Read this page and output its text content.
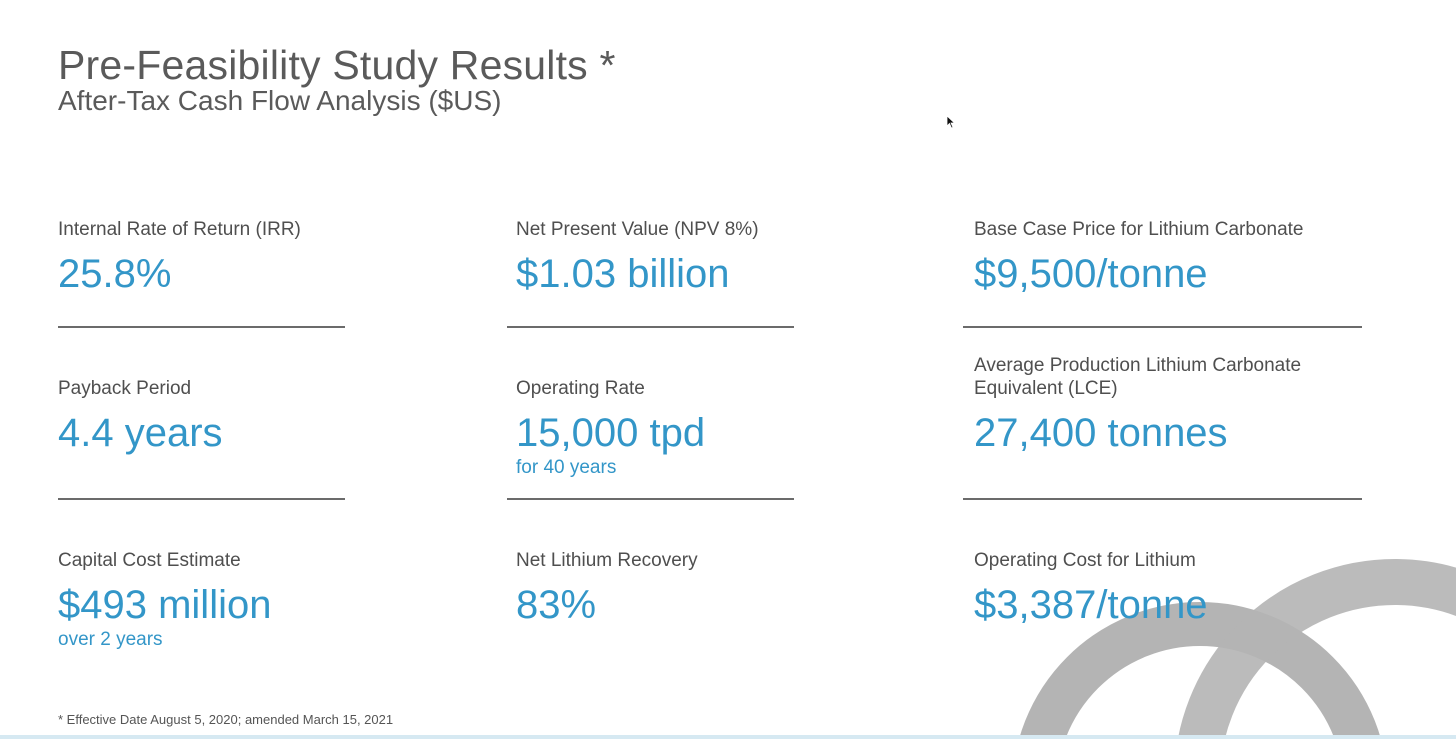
Pre-Feasibility Study Results *
After-Tax Cash Flow Analysis ($US)
Internal Rate of Return (IRR)
25.8%
Net Present Value (NPV 8%)
$1.03 billion
Base Case Price for Lithium Carbonate
$9,500/tonne
Payback Period
4.4 years
Operating Rate
15,000 tpd
for 40 years
Average Production Lithium Carbonate
Equivalent (LCE)
27,400 tonnes
Capital Cost Estimate
$493 million
over 2 years
Net Lithium Recovery
83%
Operating Cost for Lithium
$3,387/tonne
* Effective Date August 5, 2020; amended March 15, 2021
